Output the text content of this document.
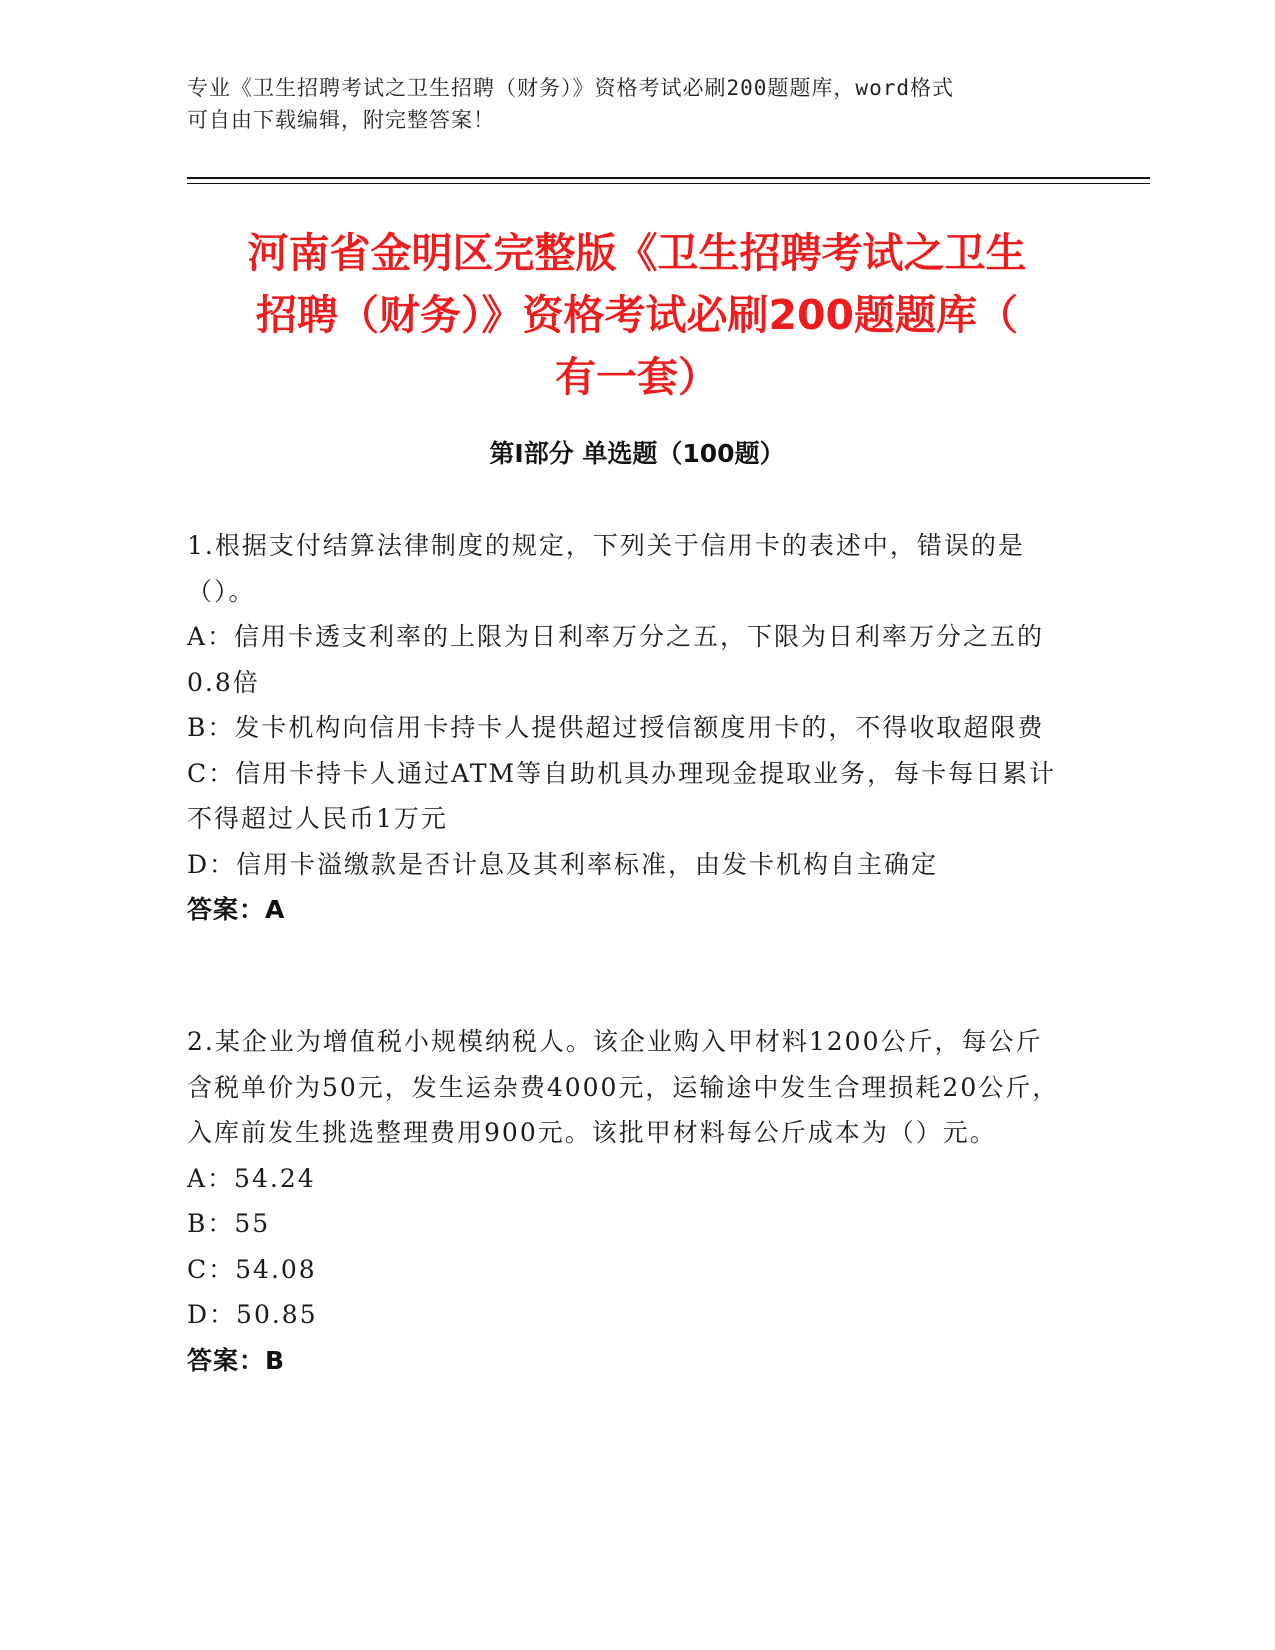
专业《卫生招聘考试之卫生招聘（财务）》资格考试必刷200题题库，word格式
可自由下载编辑，附完整答案！
河南省金明区完整版《卫生招聘考试之卫生
招聘（财务）》资格考试必刷200题题库（
有一套）
第Ⅰ部分 单选题（100题）

1.根据支付结算法律制度的规定，下列关于信用卡的表述中，错误的是（）。

A：信用卡透支利率的上限为日利率万分之五，下限为日利率万分之五的0.8倍

B：发卡机构向信用卡持卡人提供超过授信额度用卡的，不得收取超限费

C：信用卡持卡人通过ATM等自助机具办理现金提取业务，每卡每日累计不得超过人民币1万元

D：信用卡溢缴款是否计息及其利率标准，由发卡机构自主确定

答案：A

2.某企业为增值税小规模纳税人。该企业购入甲材料1200公斤，每公斤含税单价为50元，发生运杂费4000元，运输途中发生合理损耗20公斤，入库前发生挑选整理费用900元。该批甲材料每公斤成本为（）元。

A：54.24

B：55

C：54.08

D：50.85

答案：B
